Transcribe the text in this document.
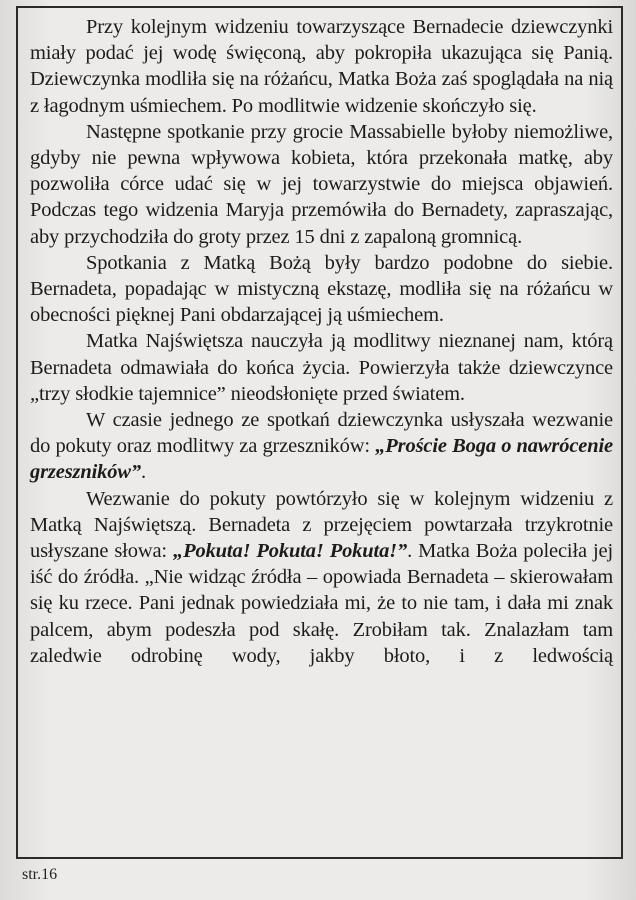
Przy kolejnym widzeniu towarzyszące Bernadecie dziewczynki miały podać jej wodę święconą, aby pokropiła ukazująca się Panią. Dziewczynka modliła się na różańcu, Matka Boża zaś spoglądała na nią z łagodnym uśmiechem. Po modlitwie widzenie skończyło się.

Następne spotkanie przy grocie Massabielle byłoby niemożliwe, gdyby nie pewna wpływowa kobieta, która przekonała matkę, aby pozwoliła córce udać się w jej towarzystwie do miejsca objawień. Podczas tego widzenia Maryja przemówiła do Bernadety, zapraszając, aby przychodziła do groty przez 15 dni z zapaloną gromnicą.

Spotkania z Matką Bożą były bardzo podobne do siebie. Bernadeta, popadając w mistyczną ekstazę, modliła się na różańcu w obecności pięknej Pani obdarzającej ją uśmiechem.

Matka Najświętsza nauczyła ją modlitwy nieznanej nam, którą Bernadeta odmawiała do końca życia. Powierzyła także dziewczynce „trzy słodkie tajemnice” nieodsłonięte przed światem.

W czasie jednego ze spotkań dziewczynka usłyszała wezwanie do pokuty oraz modlitwy za grzeszników: „Proście Boga o nawrócenie grzeszników”.

Wezwanie do pokuty powtórzyło się w kolejnym widzeniu z Matką Najświętszą. Bernadeta z przejęciem powtarzała trzykrotnie usłyszane słowa: „Pokuta! Pokuta! Pokuta!”. Matka Boża poleciła jej iść do źródła. „Nie widząc źródła – opowiada Bernadeta – skierowałam się ku rzece. Pani jednak powiedziała mi, że to nie tam, i dała mi znak palcem, abym podeszła pod skałę. Zrobiłam tak. Znalazłam tam zaledwie odrobinę wody, jakby błoto, i z ledwością

str.16
